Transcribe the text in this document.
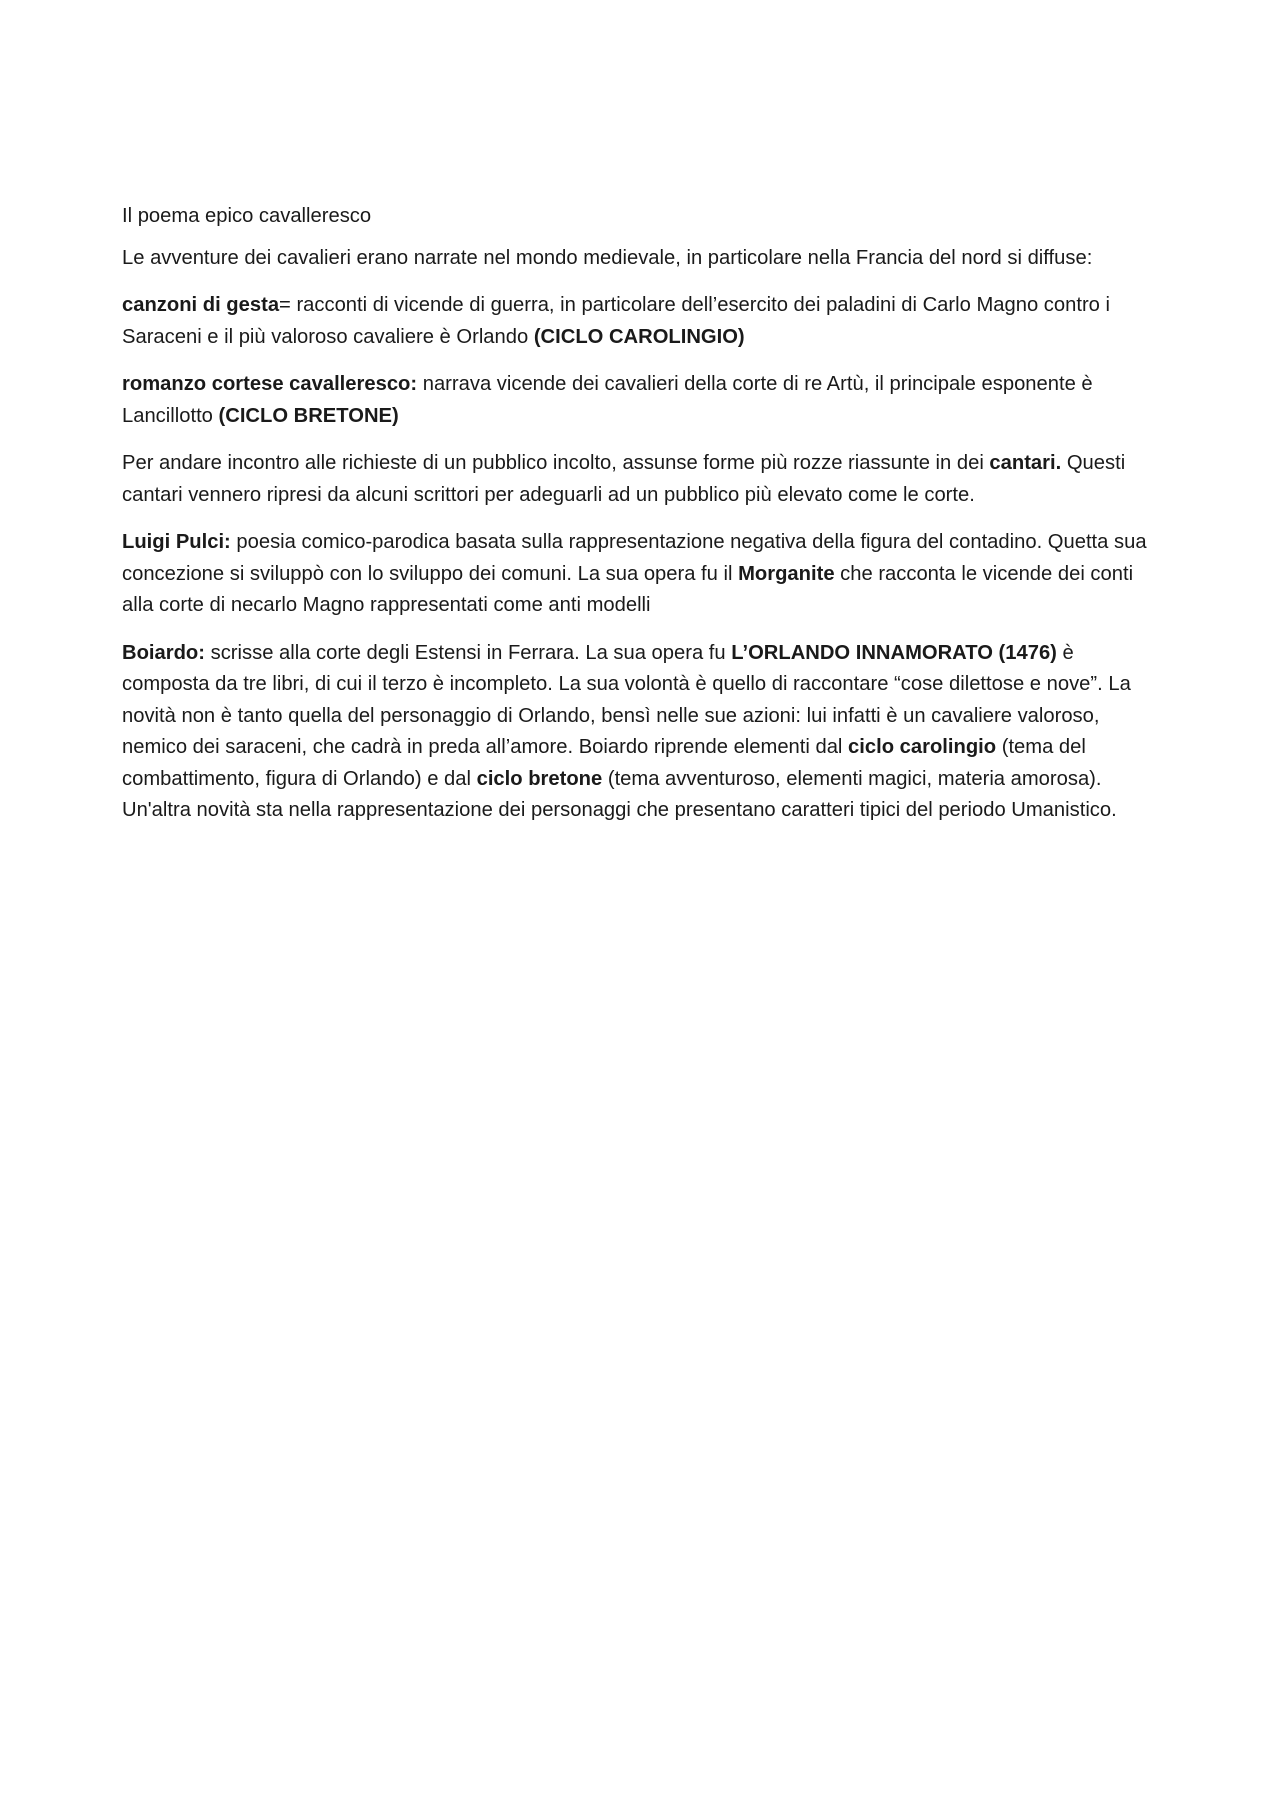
Il poema epico cavalleresco

Le avventure dei cavalieri erano narrate nel mondo medievale, in particolare nella Francia del nord si diffuse:

canzoni di gesta= racconti di vicende di guerra, in particolare dell’esercito dei paladini di Carlo Magno contro i Saraceni e il più valoroso cavaliere è Orlando (CICLO CAROLINGIO)

romanzo cortese cavalleresco: narrava vicende dei cavalieri della corte di re Artù, il principale esponente è Lancillotto (CICLO BRETONE)

Per andare incontro alle richieste di un pubblico incolto, assunse forme più rozze riassunte in dei cantari. Questi cantari vennero ripresi da alcuni scrittori per adeguarli ad un pubblico più elevato come le corte.

Luigi Pulci: poesia comico-parodica basata sulla rappresentazione negativa della figura del contadino. Quetta sua concezione si sviluppò con lo sviluppo dei comuni. La sua opera fu il Morganite che racconta le vicende dei conti alla corte di necarlo Magno rappresentati come anti modelli

Boiardo: scrisse alla corte degli Estensi in Ferrara. La sua opera fu L’ORLANDO INNAMORATO (1476) è composta da tre libri, di cui il terzo è incompleto. La sua volontà è quello di raccontare “cose dilettose e nove”. La novità non è tanto quella del personaggio di Orlando, bensì nelle sue azioni: lui infatti è un cavaliere valoroso, nemico dei saraceni, che cadrà in preda all’amore. Boiardo riprende elementi dal ciclo carolingio (tema del combattimento, figura di Orlando) e dal ciclo bretone (tema avventuroso, elementi magici, materia amorosa). Un'altra novità sta nella rappresentazione dei personaggi che presentano caratteri tipici del periodo Umanistico.
